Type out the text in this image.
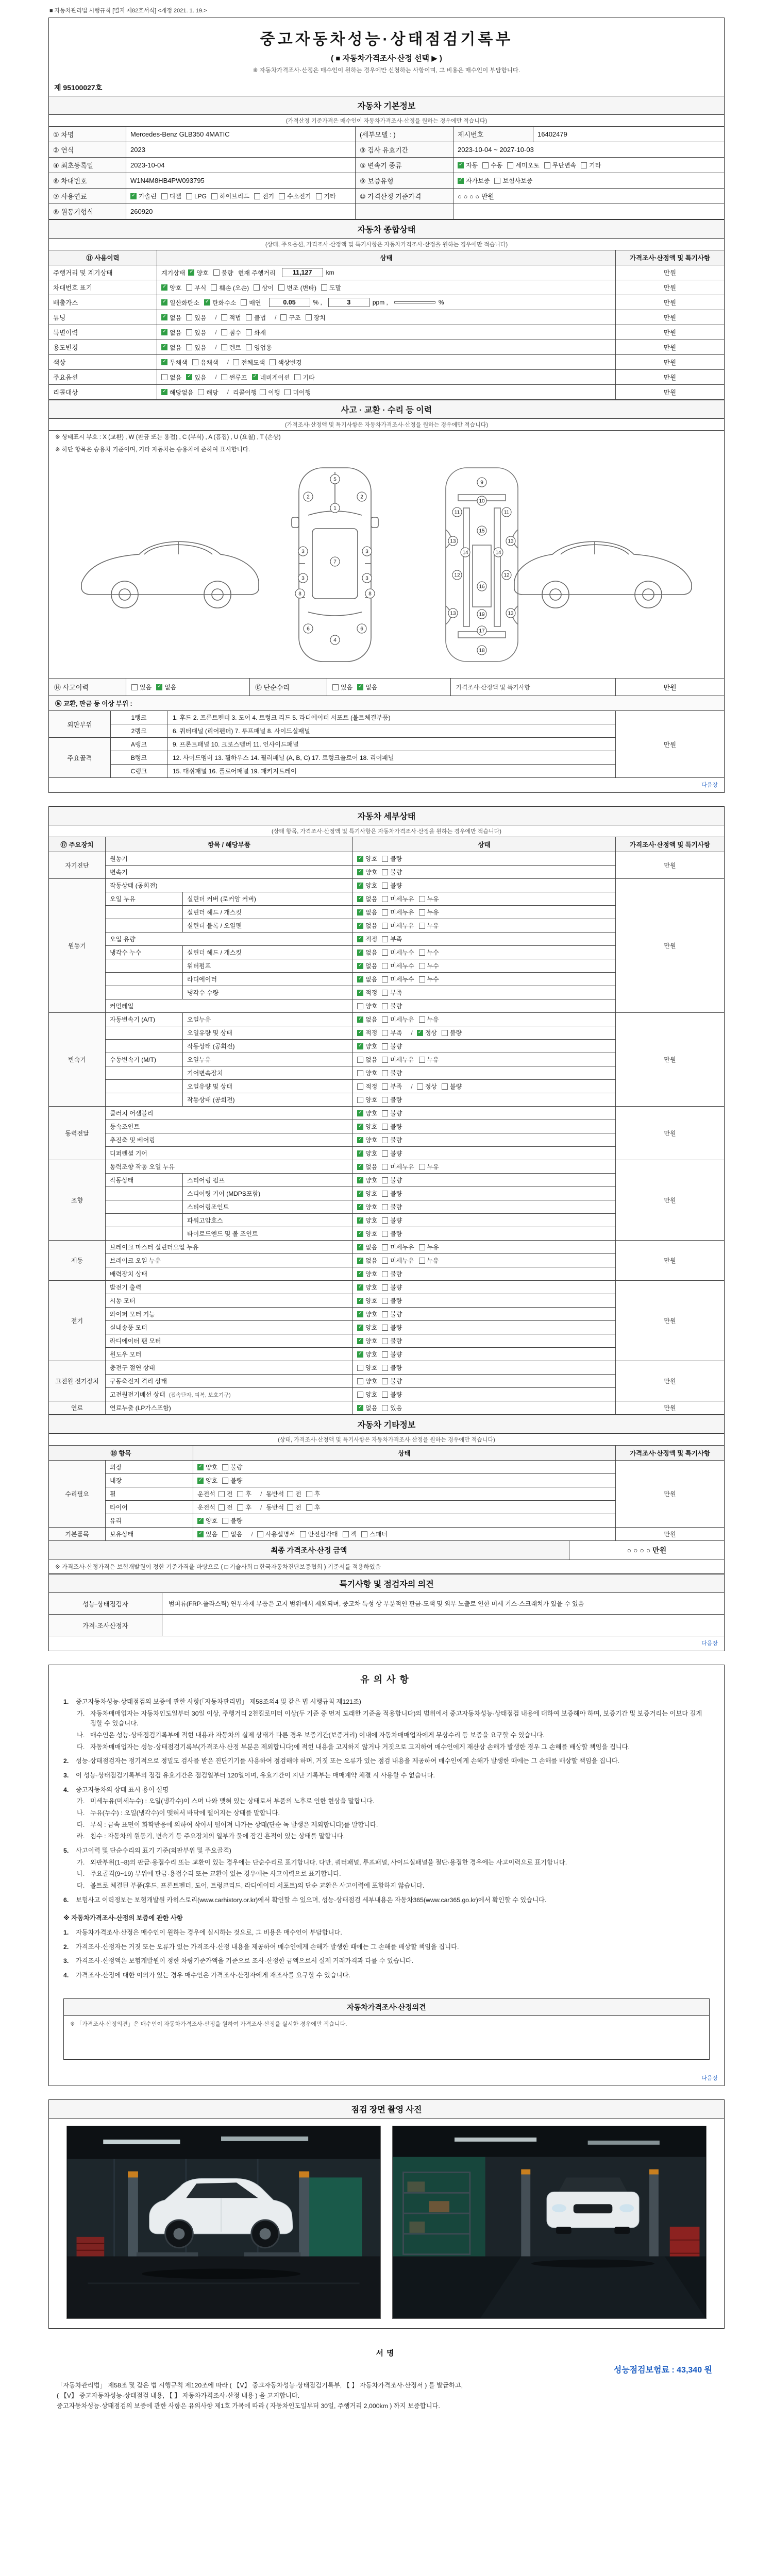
■ 자동차관리법 시행규칙 [별지 제82호서식] <개정 2021. 1. 19.>
중고자동차성능·상태점검기록부
( ■ 자동차가격조사·산정 선택 ▶ )
※ 자동차가격조사·산정은 매수인이 원하는 경우에만 신청하는 사항이며, 그 비용은 매수인이 부담합니다.
제 95100027호
자동차 기본정보
(가격산정 기준가격은 매수인이 자동차가격조사·산정을 원하는 경우에만 적습니다)
① 차명	Mercedes-Benz GLB350 4MATIC	(세부모델 : )	제시번호	16402479
② 연식	2023	③ 검사 유효기간	2023-10-04 ~ 2027-10-03
④ 최초등록일	2023-10-04	⑤ 변속기 종류 ✓	자동 수동 세미오토 무단변속 기타
⑥ 차대번호	W1N4M8HB4PW093795	⑨ 보증유형 ✓	자가보증 보험사보증
⑦ 사용연료 ✓	가솔린 디젤 LPG 하이브리드 전기 수소전기 기타	⑩ 가격산정 기준가격	○ ○ ○ ○ 만원
⑧ 원동기형식	260920
자동차 종합상태
(상태, 주요옵션, 가격조사·산정액 및 특기사항은 자동차가격조사·산정을 원하는 경우에만 적습니다)
⑪ 사용이력	상태	가격조사·산정액 및 특기사항
주행거리 및 계기상태	계기상태 ✓ 양호 불량 현재 주행거리	11,127	km	만원
차대번호 표기 ✓	양호 부식 훼손 (오손) 상이 변조 (변타) 도말	만원
배출가스 ✓	일산화탄소 ✓ 탄화수소 매연	0.05	% ,	3	ppm ,	%	만원
튜닝 ✓	없음 있음 / 적법 불법 / 구조 장치	만원
특별이력 ✓	없음 있음 / 침수 화재	만원
용도변경 ✓	없음 있음 / 렌트 영업용	만원
색상 ✓	무채색 유채색 / 전체도색 색상변경	만원
주요옵션	없음 ✓ 있음 / 썬루프 ✓ 네비게이션 기타	만원
리콜대상 ✓	해당없음 해당 / 리콜이행 이행 미이행	만원
사고 · 교환 · 수리 등 이력
(가격조사·산정액 및 특기사항은 자동차가격조사·산정을 원하는 경우에만 적습니다)
※ 상태표시 부호 : X (교환) , W (판금 또는 용접) , C (부식) , A (흠집) , U (요철) , T (손상)
※ 하단 항목은 승용차 기준이며, 기타 자동차는 승용차에 준하여 표시합니다.
5
1
2	2
3	3
3	3
7
8	8
6	6
4
9
10
11	11
15
13	13
13	13
14	14
12	12
16
19
17
18
⑭ 사고이력	있음 ✓ 없음	⑮ 단순수리	있음 ✓ 없음	가격조사·산정액 및 특기사항	만원
⑯ 교환, 판금 등 이상 부위 :
외판부위
1랭크	1. 후드 2. 프론트펜더 3. 도어 4. 트렁크 리드 5. 라디에이터 서포트 (볼트체결부품)
2랭크	6. 쿼터패널 (리어펜더) 7. 루프패널 8. 사이드실패널
주요골격
A랭크	9. 프론트패널 10. 크로스멤버 11. 인사이드패널
B랭크	12. 사이드멤버 13. 휠하우스 14. 필러패널 (A, B, C) 17. 트렁크플로어 18. 리어패널
C랭크	15. 대쉬패널 16. 플로어패널 19. 패키지트레이
만원
다음장
자동차 세부상태
(상태 항목, 가격조사·산정액 및 특기사항은 자동차가격조사·산정을 원하는 경우에만 적습니다)
⑰ 주요장치	항목 / 해당부품	상태	가격조사·산정액 및 특기사항
자기진단
원동기 ✓	양호 불량
변속기 ✓	양호 불량
만원
원동기
작동상태 (공회전) ✓	양호 불량
오일 누유	실린더 커버 (로커암 커버) ✓	없음 미세누유 누유
실린더 헤드 / 개스킷 ✓	없음 미세누유 누유
실린더 블록 / 오일팬 ✓	없음 미세누유 누유
오일 유량 ✓	적정 부족
냉각수 누수	실린더 헤드 / 개스킷 ✓	없음 미세누수 누수
워터펌프 ✓	없음 미세누수 누수
라디에이터 ✓	없음 미세누수 누수
냉각수 수량 ✓	적정 부족
커먼레일	양호 불량
만원
변속기
자동변속기 (A/T)	오일누유 ✓	없음 미세누유 누유
오일유량 및 상태 ✓	적정 부족 / ✓ 정상 불량
작동상태 (공회전) ✓	양호 불량
수동변속기 (M/T)	오일누유	없음 미세누유 누유
기어변속장치	양호 불량
오일유량 및 상태	적정 부족 / 정상 불량
작동상태 (공회전)	양호 불량
만원
동력전달
클러치 어셈블리 ✓	양호 불량
등속조인트 ✓	양호 불량
추진축 및 베어링 ✓	양호 불량
디퍼렌셜 기어 ✓	양호 불량
만원
조향
동력조향 작동 오일 누유 ✓	없음 미세누유 누유
작동상태	스티어링 펌프 ✓	양호 불량
스티어링 기어 (MDPS포함) ✓	양호 불량
스티어링조인트 ✓	양호 불량
파워고압호스 ✓	양호 불량
타이로드엔드 및 볼 조인트 ✓	양호 불량
만원
제동
브레이크 마스터 실린더오일 누유 ✓	없음 미세누유 누유
브레이크 오일 누유 ✓	없음 미세누유 누유
배력장치 상태 ✓	양호 불량
만원
전기
발전기 출력 ✓	양호 불량
시동 모터 ✓	양호 불량
와이퍼 모터 기능 ✓	양호 불량
실내송풍 모터 ✓	양호 불량
라디에이터 팬 모터 ✓	양호 불량
윈도우 모터 ✓	양호 불량
만원
고전원 전기장치
충전구 절연 상태	양호 불량
구동축전지 격리 상태	양호 불량
고전원전기배선 상태 (접속단자, 피복, 보호기구)	양호 불량
만원
연료	연료누출 (LP가스포함) ✓	없음 있음	만원
자동차 기타정보
(상태, 가격조사·산정액 및 특기사항은 자동차가격조사·산정을 원하는 경우에만 적습니다)
⑱ 항목	상태	가격조사·산정액 및 특기사항
수리필요
외장 ✓	양호 불량
내장 ✓	양호 불량
휠	운전석 전 후 / 동반석 전 후
타이어	운전석 전 후 / 동반석 전 후
유리 ✓	양호 불량
만원
기본품목	보유상태 ✓	있음 없음 / 사용설명서 안전삼각대 잭 스패너	만원
최종 가격조사·산정 금액	○ ○ ○ ○ 만원
※ 가격조사·산정가격은 보험개발원이 정한 기준가격을 바탕으로 ( □ 기술사회 □ 한국자동차진단보증협회 ) 기준서를 적용하였음
특기사항 및 점검자의 의견
성능·상태점검자	범퍼류(FRP·플라스틱) 연부자재 부품은 고지 범위에서 제외되며, 중고차 특성 상 부분적인 판금·도색 및 외부 노출로 인한 미세 기스·스크래치가 있을 수 있음
가격·조사산정자
다음장
유의사항
1.	중고자동차성능·상태점검의 보증에 관한 사항(「자동차관리법」 제58조의4 및 같은 법 시행규칙 제121조)
가. 자동차매매업자는 자동차인도일부터 30일 이상, 주행거리 2천킬로미터 이상(두 기준 중 먼저 도래한 기준을 적용합니다)의 범위에서 중고자동차성능·상태점검 내용에 대하여 보증해야 하며, 보증기간 및 보증거리는 이보다 길게 정할 수 있습니다.
나. 매수인은 성능·상태점검기록부에 적힌 내용과 자동차의 실제 상태가 다른 경우 보증기간(보증거리) 이내에 자동차매매업자에게 무상수리 등 보증을 요구할 수 있습니다.
다. 자동차매매업자는 성능·상태점검기록부(가격조사·산정 부분은 제외합니다)에 적힌 내용을 고지하지 않거나 거짓으로 고지하여 매수인에게 재산상 손해가 발생한 경우 그 손해를 배상할 책임을 집니다.
2.	성능·상태점검자는 정기적으로 정밀도 검사를 받은 진단기기를 사용하여 점검해야 하며, 거짓 또는 오류가 있는 점검 내용을 제공하여 매수인에게 손해가 발생한 때에는 그 손해를 배상할 책임을 집니다.
3.	이 성능·상태점검기록부의 점검 유효기간은 점검일부터 120일이며, 유효기간이 지난 기록부는 매매계약 체결 시 사용할 수 없습니다.
4.	중고자동차의 상태 표시 용어 설명
가. 미세누유(미세누수) : 오일(냉각수)이 스며 나와 맺혀 있는 상태로서 부품의 노후로 인한 현상을 말합니다.
나. 누유(누수) : 오일(냉각수)이 맺혀서 바닥에 떨어지는 상태를 말합니다.
다. 부식 : 금속 표면이 화학반응에 의하여 삭아서 떨어져 나가는 상태(단순 녹 발생은 제외합니다)를 말합니다.
라. 침수 : 자동차의 원동기, 변속기 등 주요장치의 일부가 물에 잠긴 흔적이 있는 상태를 말합니다.
5.	사고이력 및 단순수리의 표기 기준(외판부위 및 주요골격)
가. 외판부위(1~8)의 판금·용접수리 또는 교환이 있는 경우에는 단순수리로 표기합니다. 다만, 쿼터패널, 루프패널, 사이드실패널을 절단·용접한 경우에는 사고이력으로 표기합니다.
나. 주요골격(9~19) 부위에 판금·용접수리 또는 교환이 있는 경우에는 사고이력으로 표기합니다.
다. 볼트로 체결된 부품(후드, 프론트펜더, 도어, 트렁크리드, 라디에이터 서포트)의 단순 교환은 사고이력에 포함하지 않습니다.
6.	보험사고 이력정보는 보험개발원 카히스토리(www.carhistory.or.kr)에서 확인할 수 있으며, 성능·상태점검 세부내용은 자동차365(www.car365.go.kr)에서 확인할 수 있습니다.
※ 자동차가격조사·산정의 보증에 관한 사항
1.	자동차가격조사·산정은 매수인이 원하는 경우에 실시하는 것으로, 그 비용은 매수인이 부담합니다.
2.	가격조사·산정자는 거짓 또는 오류가 있는 가격조사·산정 내용을 제공하여 매수인에게 손해가 발생한 때에는 그 손해를 배상할 책임을 집니다.
3.	가격조사·산정액은 보험개발원이 정한 차량기준가액을 기준으로 조사·산정한 금액으로서 실제 거래가격과 다를 수 있습니다.
4.	가격조사·산정에 대한 이의가 있는 경우 매수인은 가격조사·산정자에게 재조사를 요구할 수 있습니다.
자동차가격조사·산정의견
※ 「가격조사·산정의견」은 매수인이 자동차가격조사·산정을 원하여 가격조사·산정을 실시한 경우에만 적습니다.
다음장
점검 장면 촬영 사진
서명
성능점검보험료 : 43,340 원
「자동차관리법」 제58조 및 같은 법 시행규칙 제120조에 따라 ( 【V】 중고자동차성능·상태점검기록부, 【 】 자동차가격조사·산정서 ) 를 발급하고,
( 【V】 중고자동차성능·상태점검 내용, 【 】 자동차가격조사·산정 내용 ) 을 고지합니다.
중고자동차성능·상태점검의 보증에 관한 사항은 유의사항 제1호 가목에 따라 ( 자동차인도일부터 30일, 주행거리 2,000km ) 까지 보증합니다.
